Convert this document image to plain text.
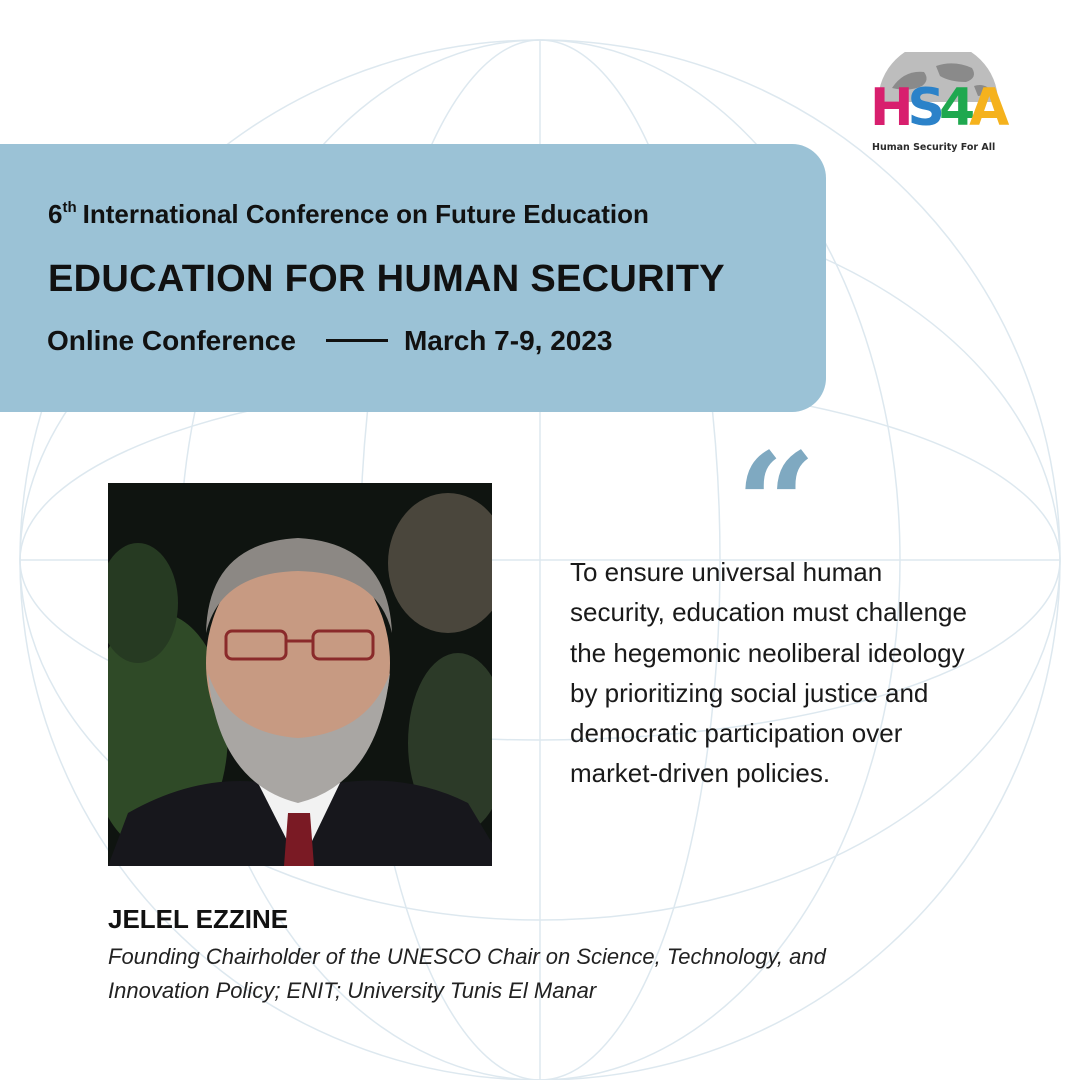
HS4A
Human Security For All
6th International Conference on Future Education
EDUCATION FOR HUMAN SECURITY
Online Conference	March 7-9, 2023
“
To ensure universal human security, education must challenge the hegemonic neoliberal ideology by prioritizing social justice and democratic participation over market-driven policies.
JELEL EZZINE
Founding Chairholder of the UNESCO Chair on Science, Technology, and Innovation Policy; ENIT; University Tunis El Manar
